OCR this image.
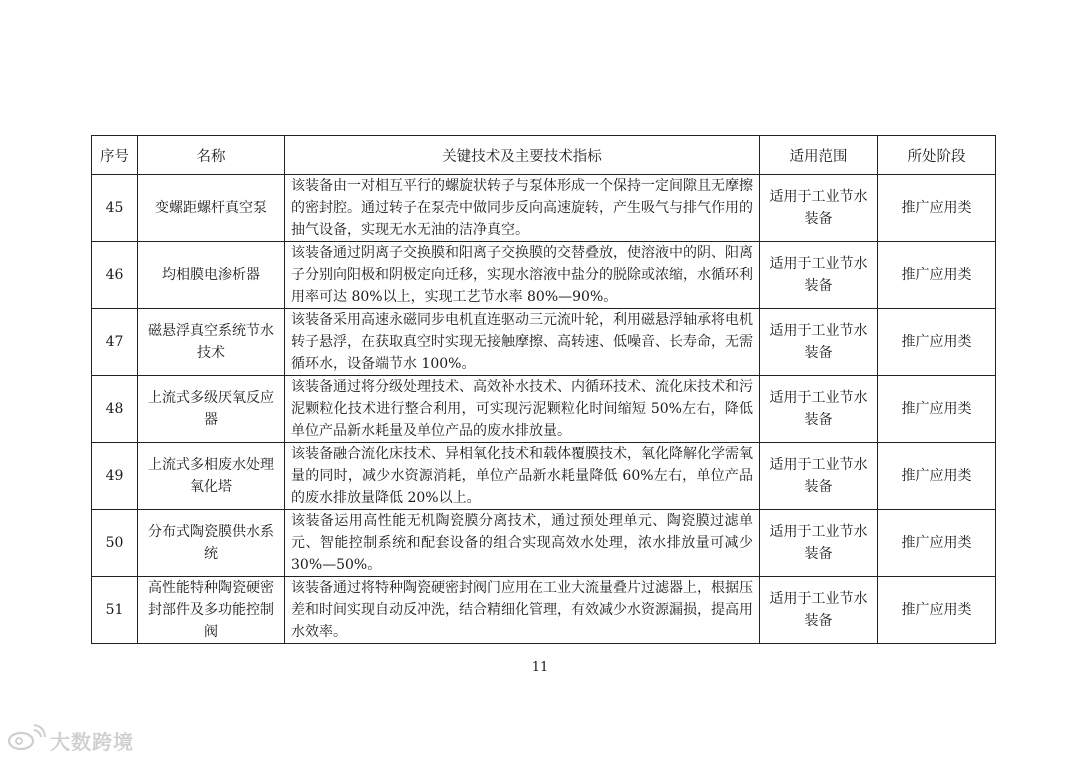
序号	名称	关键技术及主要技术指标	适用范围	所处阶段
45	变螺距螺杆真空泵	该装备由一对相互平行的螺旋状转子与泵体形成一个保持一定间隙且无摩擦的密封腔。通过转子在泵壳中做同步反向高速旋转，产生吸气与排气作用的抽气设备，实现无水无油的洁净真空。	适用于工业节水装备	推广应用类
46	均相膜电渗析器	该装备通过阴离子交换膜和阳离子交换膜的交替叠放，使溶液中的阴、阳离子分别向阳极和阴极定向迁移，实现水溶液中盐分的脱除或浓缩，水循环利用率可达 80%以上，实现工艺节水率 80%—90%。	适用于工业节水装备	推广应用类
47	磁悬浮真空系统节水技术	该装备采用高速永磁同步电机直连驱动三元流叶轮，利用磁悬浮轴承将电机转子悬浮，在获取真空时实现无接触摩擦、高转速、低噪音、长寿命，无需循环水，设备端节水 100%。	适用于工业节水装备	推广应用类
48	上流式多级厌氧反应器	该装备通过将分级处理技术、高效补水技术、内循环技术、流化床技术和污泥颗粒化技术进行整合利用，可实现污泥颗粒化时间缩短 50%左右，降低单位产品新水耗量及单位产品的废水排放量。	适用于工业节水装备	推广应用类
49	上流式多相废水处理氧化塔	该装备融合流化床技术、异相氧化技术和载体覆膜技术，氧化降解化学需氧量的同时，减少水资源消耗，单位产品新水耗量降低 60%左右，单位产品的废水排放量降低 20%以上。	适用于工业节水装备	推广应用类
50	分布式陶瓷膜供水系统	该装备运用高性能无机陶瓷膜分离技术，通过预处理单元、陶瓷膜过滤单元、智能控制系统和配套设备的组合实现高效水处理，浓水排放量可减少 30%—50%。	适用于工业节水装备	推广应用类
51	高性能特种陶瓷硬密封部件及多功能控制阀	该装备通过将特种陶瓷硬密封阀门应用在工业大流量叠片过滤器上，根据压差和时间实现自动反冲洗，结合精细化管理，有效减少水资源漏损，提高用水效率。	适用于工业节水装备	推广应用类
11
大数跨境
